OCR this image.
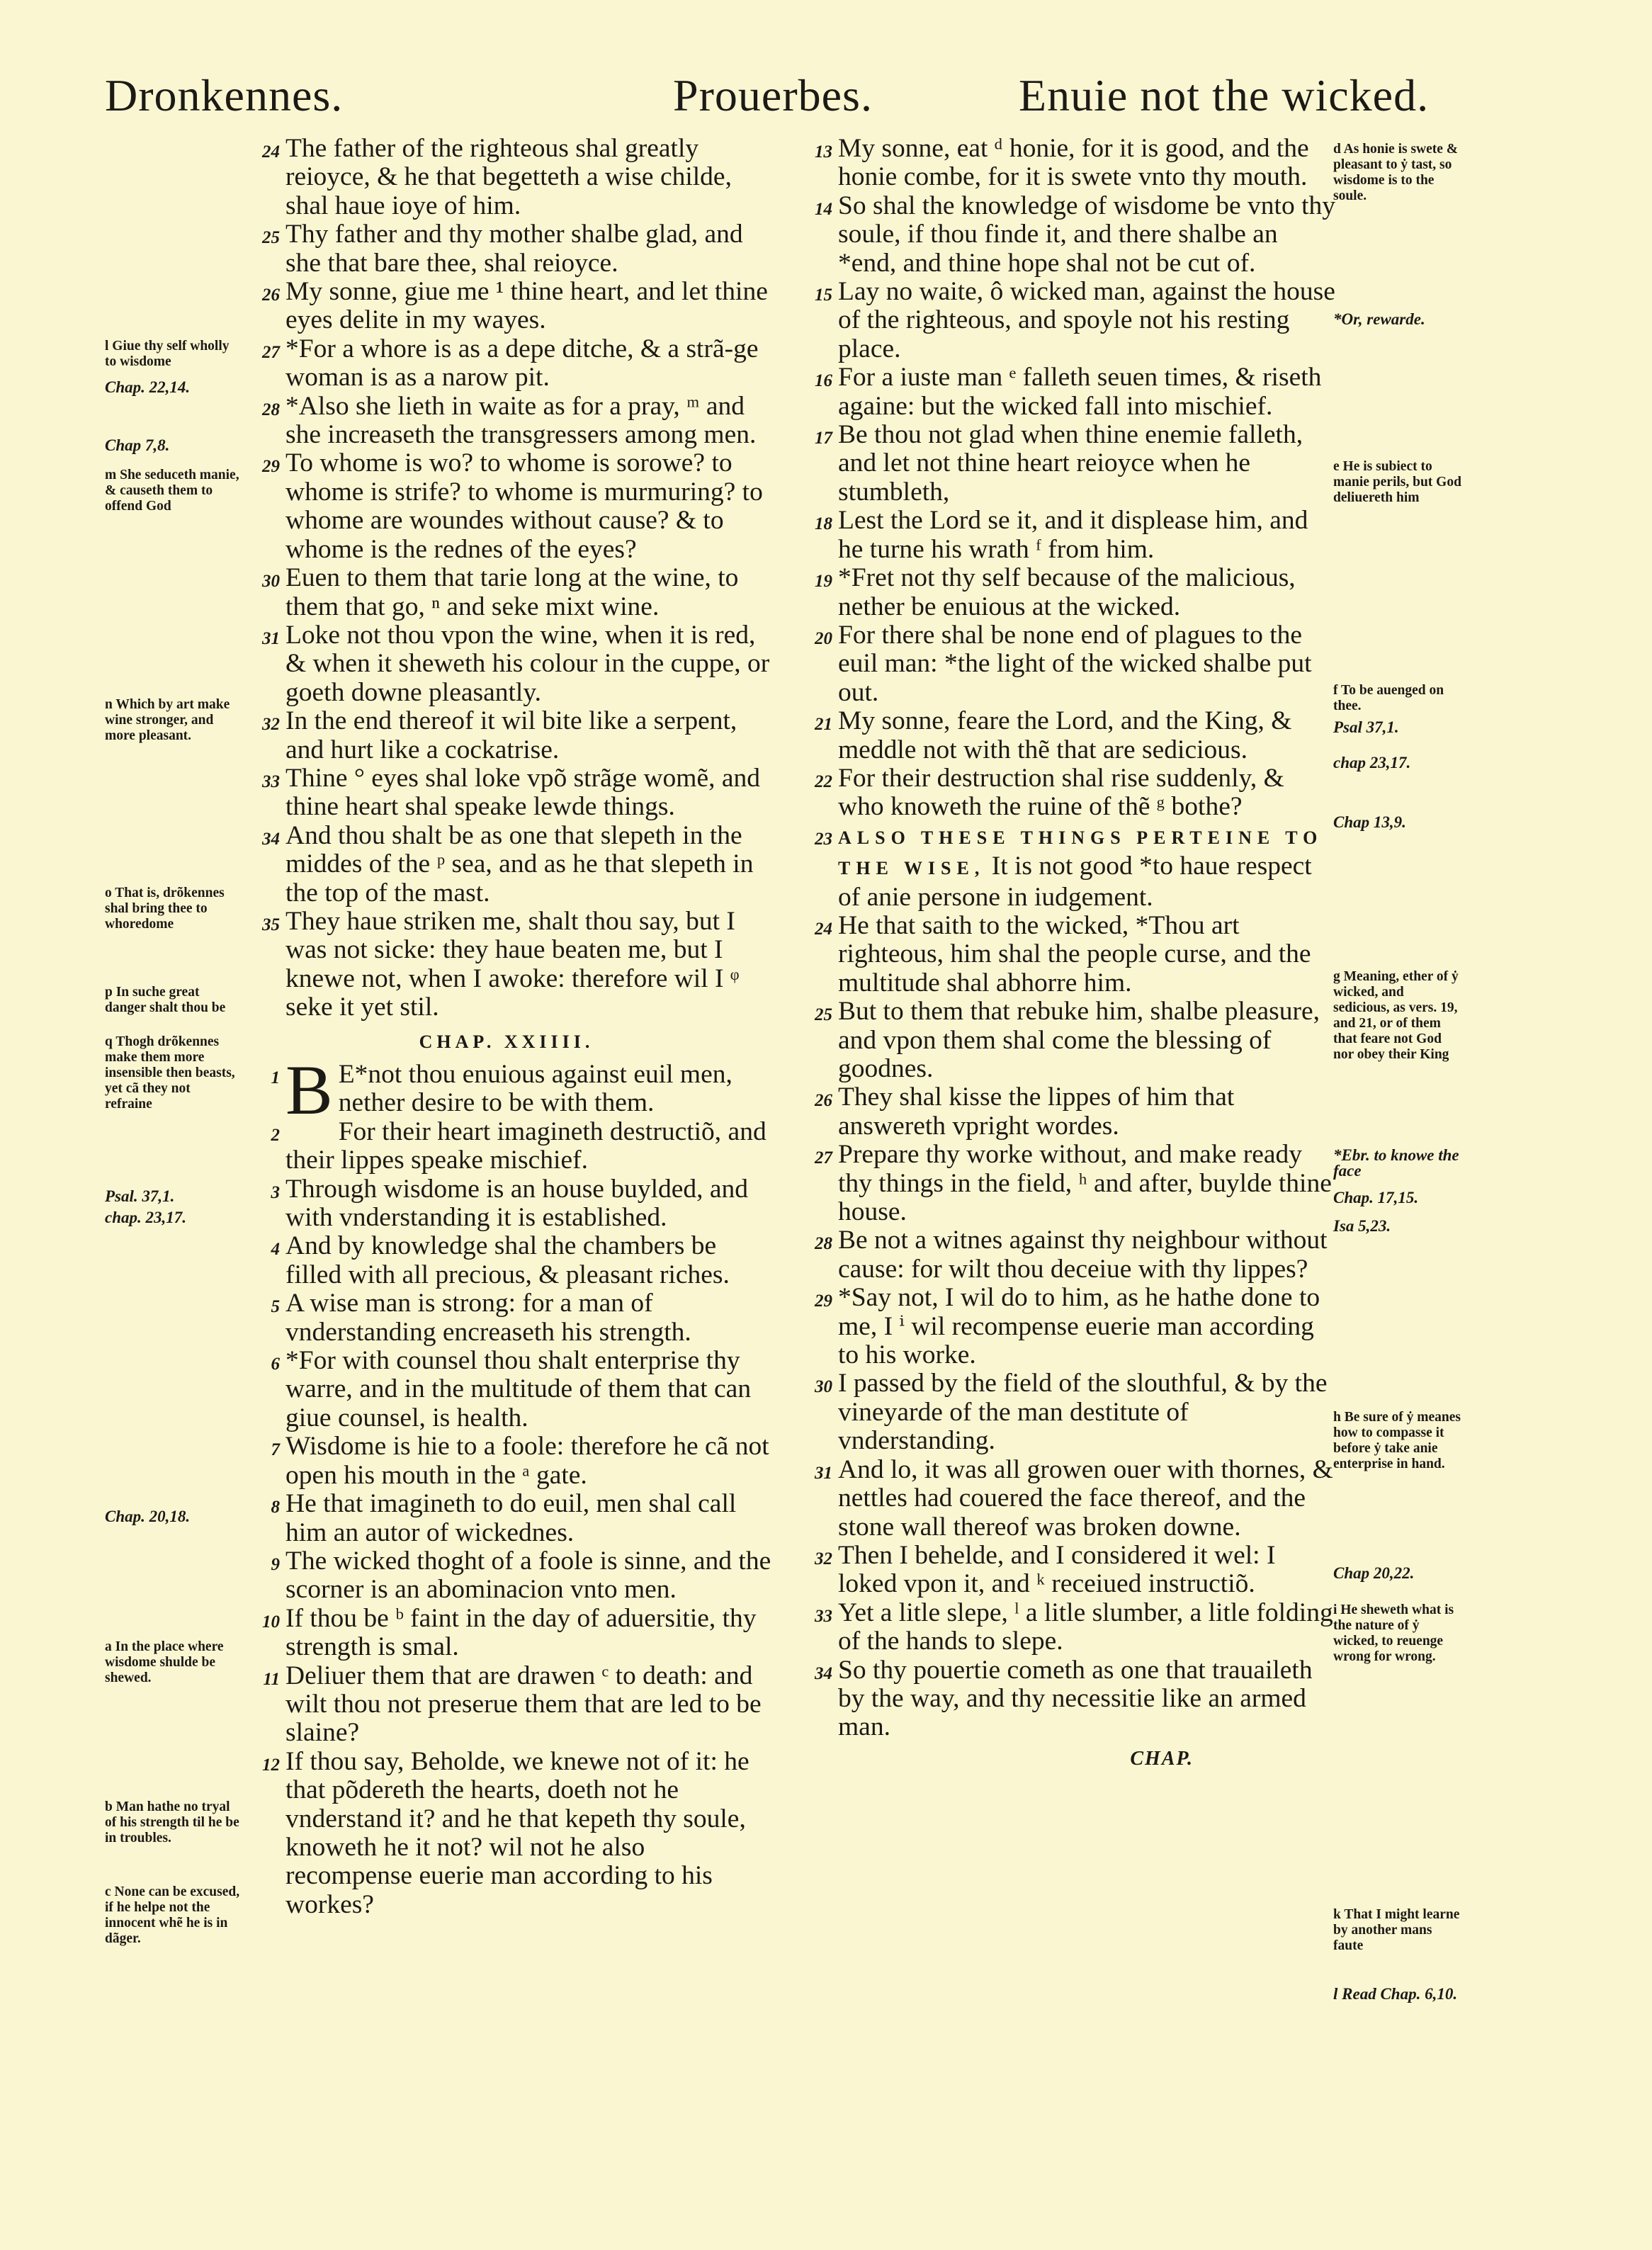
Dronkennes.	Prouerbes.	Enuie not the wicked.
24 The father of the righteous shal greatly reioyce, & he that begetteth a wise childe, shal haue ioye of him.
25 Thy father and thy mother shalbe glad, and she that bare thee, shal reioyce.
26 My sonne, giue me ¹ thine heart, and let thine eyes delite in my wayes.
27 *For a whore is as a depe ditche, & a strã-ge woman is as a narow pit.
28 *Also she lieth in waite as for a pray, ᵐ and she increaseth the transgressers among men.
29 To whome is wo? to whome is sorowe? to whome is strife? to whome is murmuring? to whome are woundes without cause? & to whome is the rednes of the eyes?
30 Euen to them that tarie long at the wine, to them that go, ⁿ and seke mixt wine.
31 Loke not thou vpon the wine, when it is red, & when it sheweth his colour in the cuppe, or goeth downe pleasantly.
32 In the end thereof it wil bite like a serpent, and hurt like a cockatrise.
33 Thine ° eyes shal loke vpõ strãge womẽ, and thine heart shal speake lewde things.
34 And thou shalt be as one that slepeth in the middes of the ᵖ sea, and as he that slepeth in the top of the mast.
35 They haue striken me, shalt thou say, but I was not sicke: they haue beaten me, but I knewe not, when I awoke: therefore wil I ᵠ seke it yet stil.
CHAP. XXIIII.
1 B E*not thou enuious against euil men, nether desire to be with them.
2	For their heart imagineth destructiõ, and their lippes speake mischief.
3 Through wisdome is an house buylded, and with vnderstanding it is established.
4 And by knowledge shal the chambers be filled with all precious, & pleasant riches.
5 A wise man is strong: for a man of vnderstanding encreaseth his strength.
6 *For with counsel thou shalt enterprise thy warre, and in the multitude of them that can giue counsel, is health.
7 Wisdome is hie to a foole: therefore he cã not open his mouth in the ᵃ gate.
8 He that imagineth to do euil, men shal call him an autor of wickednes.
9 The wicked thoght of a foole is sinne, and the scorner is an abominacion vnto men.
10 If thou be ᵇ faint in the day of aduersitie, thy strength is smal.
11 Deliuer them that are drawen ᶜ to death: and wilt thou not preserue them that are led to be slaine?
12 If thou say, Beholde, we knewe not of it: he that põdereth the hearts, doeth not he vnderstand it? and he that kepeth thy soule, knoweth he it not? wil not he also recompense euerie man according to his workes?
13 My sonne, eat ᵈ honie, for it is good, and the honie combe, for it is swete vnto thy mouth.
14 So shal the knowledge of wisdome be vnto thy soule, if thou finde it, and there shalbe an *end, and thine hope shal not be cut of.
15 Lay no waite, ô wicked man, against the house of the righteous, and spoyle not his resting place.
16 For a iuste man ᵉ falleth seuen times, & riseth againe: but the wicked fall into mischief.
17 Be thou not glad when thine enemie falleth, and let not thine heart reioyce when he stumbleth,
18 Lest the Lord se it, and it displease him, and he turne his wrath ᶠ from him.
19 *Fret not thy self because of the malicious, nether be enuious at the wicked.
20 For there shal be none end of plagues to the euil man: *the light of the wicked shalbe put out.
21 My sonne, feare the Lord, and the King, & meddle not with thẽ that are sedicious.
22 For their destruction shal rise suddenly, & who knoweth the ruine of thẽ ᵍ bothe?
23 ALSO THESE THINGS PERTEINE TO THE WISE, It is not good *to haue respect of anie persone in iudgement.
24 He that saith to the wicked, *Thou art righteous, him shal the people curse, and the multitude shal abhorre him.
25 But to them that rebuke him, shalbe pleasure, and vpon them shal come the blessing of goodnes.
26 They shal kisse the lippes of him that answereth vpright wordes.
27 Prepare thy worke without, and make ready thy things in the field, ʰ and after, buylde thine house.
28 Be not a witnes against thy neighbour without cause: for wilt thou deceiue with thy lippes?
29 *Say not, I wil do to him, as he hathe done to me, I ⁱ wil recompense euerie man according to his worke.
30 I passed by the field of the slouthful, & by the vineyarde of the man destitute of vnderstanding.
31 And lo, it was all growen ouer with thornes, & nettles had couered the face thereof, and the stone wall thereof was broken downe.
32 Then I behelde, and I considered it wel: I loked vpon it, and ᵏ receiued instructiõ.
33 Yet a litle slepe, ˡ a litle slumber, a litle folding of the hands to slepe.
34 So thy pouertie cometh as one that trauaileth by the way, and thy necessitie like an armed man.
CHAP.
l Giue thy self wholly to wisdome
Chap. 22,14.
Chap 7,8.
m She seduceth manie, & causeth them to offend God
n Which by art make wine stronger, and more pleasant.
o That is, drõkennes shal bring thee to whoredome
p In suche great danger shalt thou be
q Thogh drõkennes make them more insensible then beasts, yet cã they not refraine
Psal. 37,1.
chap. 23,17.
Chap. 20,18.
a In the place where wisdome shulde be shewed.
b Man hathe no tryal of his strength til he be in troubles.
c None can be excused, if he helpe not the innocent whẽ he is in dãger.
d As honie is swete & pleasant to ẏ tast, so wisdome is to the soule.
*Or, rewarde.
e He is subiect to manie perils, but God deliuereth him
f To be auenged on thee.
Psal 37,1.
chap 23,17.
Chap 13,9.
g Meaning, ether of ẏ wicked, and sedicious, as vers. 19, and 21, or of them that feare not God nor obey their King
*Ebr. to knowe the face
Chap. 17,15.
Isa 5,23.
h Be sure of ẏ meanes how to compasse it before ẏ take anie enterprise in hand.
Chap 20,22.
i He sheweth what is the nature of ẏ wicked, to reuenge wrong for wrong.
k That I might learne by another mans faute
l Read Chap. 6,10.
